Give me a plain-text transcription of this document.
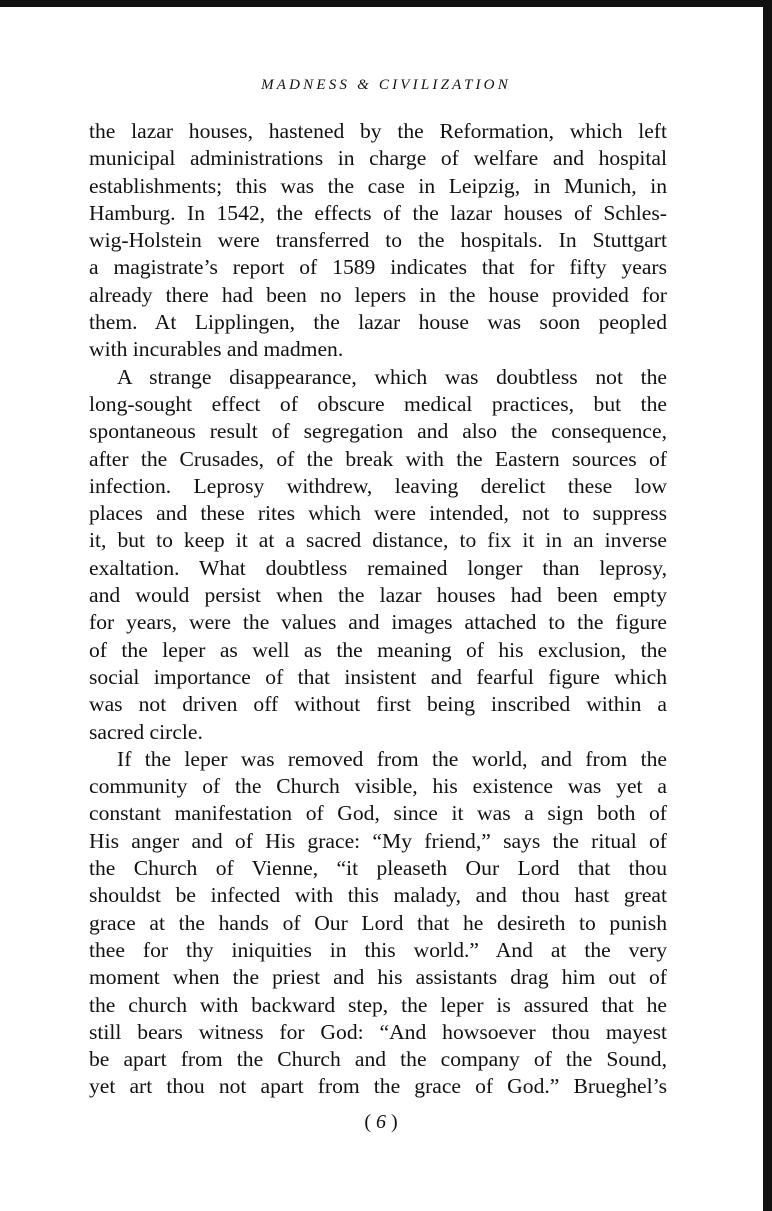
MADNESS & CIVILIZATION
the lazar houses, hastened by the Reformation, which left
municipal administrations in charge of welfare and hospital
establishments; this was the case in Leipzig, in Munich, in
Hamburg. In 1542, the effects of the lazar houses of Schles-
wig-Holstein were transferred to the hospitals. In Stuttgart
a magistrate’s report of 1589 indicates that for fifty years
already there had been no lepers in the house provided for
them. At Lipplingen, the lazar house was soon peopled
with incurables and madmen.
A strange disappearance, which was doubtless not the
long-sought effect of obscure medical practices, but the
spontaneous result of segregation and also the consequence,
after the Crusades, of the break with the Eastern sources of
infection. Leprosy withdrew, leaving derelict these low
places and these rites which were intended, not to suppress
it, but to keep it at a sacred distance, to fix it in an inverse
exaltation. What doubtless remained longer than leprosy,
and would persist when the lazar houses had been empty
for years, were the values and images attached to the figure
of the leper as well as the meaning of his exclusion, the
social importance of that insistent and fearful figure which
was not driven off without first being inscribed within a
sacred circle.
If the leper was removed from the world, and from the
community of the Church visible, his existence was yet a
constant manifestation of God, since it was a sign both of
His anger and of His grace: “My friend,” says the ritual of
the Church of Vienne, “it pleaseth Our Lord that thou
shouldst be infected with this malady, and thou hast great
grace at the hands of Our Lord that he desireth to punish
thee for thy iniquities in this world.” And at the very
moment when the priest and his assistants drag him out of
the church with backward step, the leper is assured that he
still bears witness for God: “And howsoever thou mayest
be apart from the Church and the company of the Sound,
yet art thou not apart from the grace of God.” Brueghel’s
( 6 )
